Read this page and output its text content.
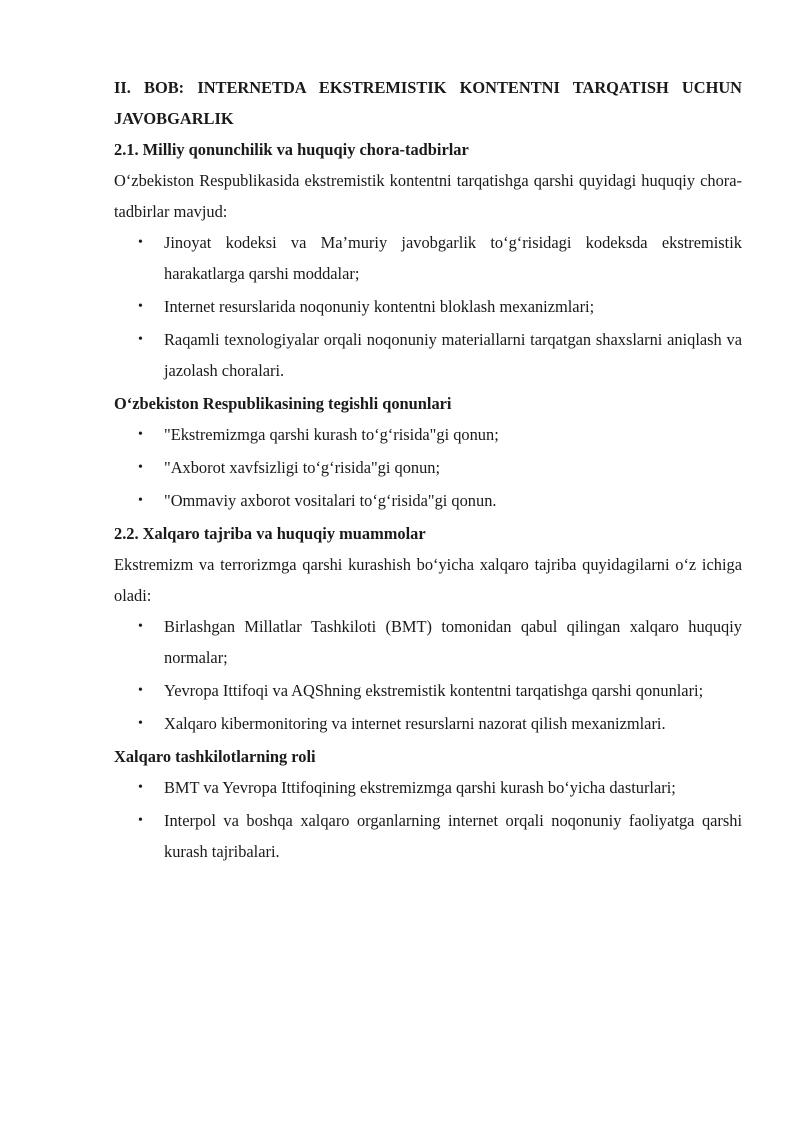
II. BOB: INTERNETDA EKSTREMISTIK KONTENTNI TARQATISH UCHUN JAVOBGARLIK
2.1. Milliy qonunchilik va huquqiy chora-tadbirlar

O‘zbekiston Respublikasida ekstremistik kontentni tarqatishga qarshi quyidagi huquqiy chora-tadbirlar mavjud:

• Jinoyat kodeksi va Ma’muriy javobgarlik to‘g‘risidagi kodeksda ekstremistik harakatlarga qarshi moddalar;
• Internet resurslarida noqonuniy kontentni bloklash mexanizmlari;
• Raqamli texnologiyalar orqali noqonuniy materiallarni tarqatgan shaxslarni aniqlash va jazolash choralari.
O‘zbekiston Respublikasining tegishli qonunlari
• "Ekstremizmga qarshi kurash to‘g‘risida"gi qonun;
• "Axborot xavfsizligi to‘g‘risida"gi qonun;
• "Ommaviy axborot vositalari to‘g‘risida"gi qonun.
2.2. Xalqaro tajriba va huquqiy muammolar

Ekstremizm va terrorizmga qarshi kurashish bo‘yicha xalqaro tajriba quyidagilarni o‘z ichiga oladi:

• Birlashgan Millatlar Tashkiloti (BMT) tomonidan qabul qilingan xalqaro huquqiy normalar;
• Yevropa Ittifoqi va AQShning ekstremistik kontentni tarqatishga qarshi qonunlari;
• Xalqaro kibermonitoring va internet resurslarni nazorat qilish mexanizmlari.
Xalqaro tashkilotlarning roli
• BMT va Yevropa Ittifoqining ekstremizmga qarshi kurash bo‘yicha dasturlari;
• Interpol va boshqa xalqaro organlarning internet orqali noqonuniy faoliyatga qarshi kurash tajribalari.
